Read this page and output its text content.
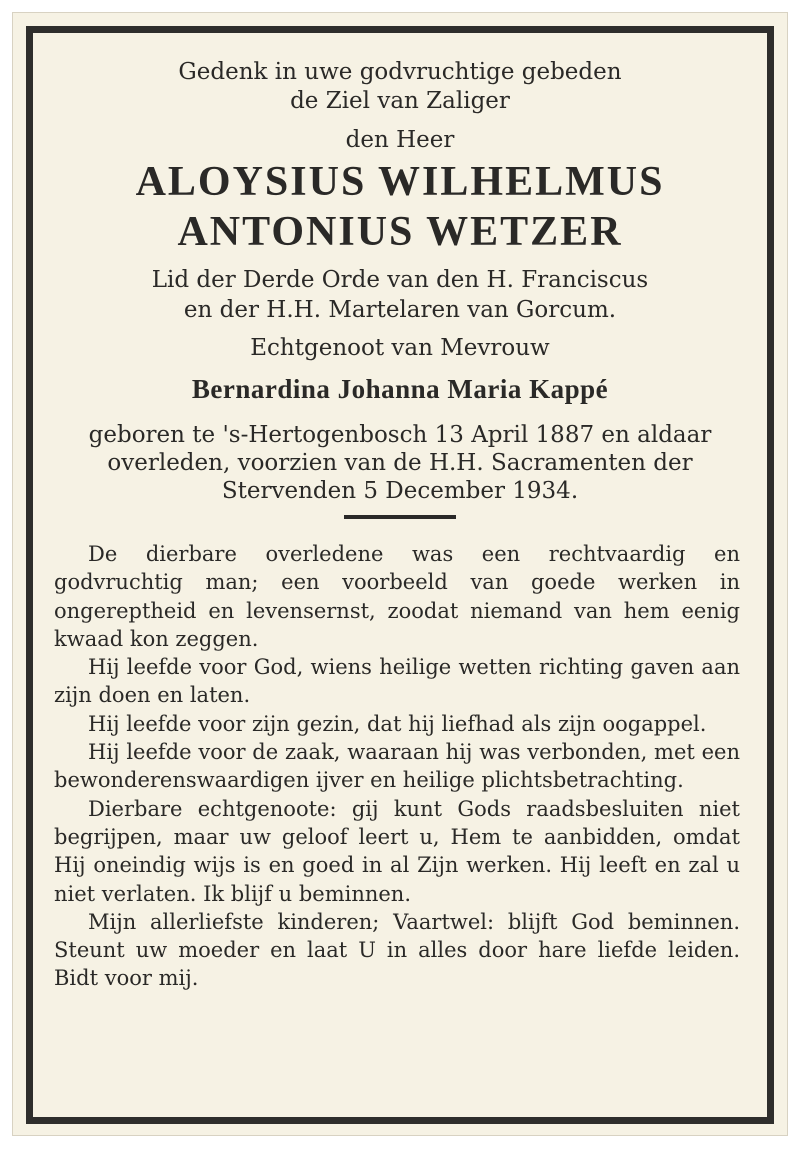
Gedenk in uwe godvruchtige gebeden
de Ziel van Zaliger
den Heer
ALOYSIUS WILHELMUS
ANTONIUS WETZER
Lid der Derde Orde van den H. Franciscus
en der H.H. Martelaren van Gorcum.
Echtgenoot van Mevrouw
Bernardina Johanna Maria Kappé
geboren te 's-Hertogenbosch 13 April 1887 en aldaar
overleden, voorzien van de H.H. Sacramenten der
Stervenden 5 December 1934.

De dierbare overledene was een rechtvaardig en godvruchtig man; een voorbeeld van goede werken in ongereptheid en levensernst, zoodat niemand van hem eenig kwaad kon zeggen.

Hij leefde voor God, wiens heilige wetten richting gaven aan zijn doen en laten.

Hij leefde voor zijn gezin, dat hij liefhad als zijn oogappel.

Hij leefde voor de zaak, waaraan hij was verbonden, met een bewonderenswaardigen ijver en heilige plichtsbetrachting.

Dierbare echtgenoote: gij kunt Gods raadsbesluiten niet begrijpen, maar uw geloof leert u, Hem te aanbidden, omdat Hij oneindig wijs is en goed in al Zijn werken. Hij leeft en zal u niet verlaten. Ik blijf u beminnen.

Mijn allerliefste kinderen; Vaartwel: blijft God beminnen. Steunt uw moeder en laat U in alles door hare liefde leiden. Bidt voor mij.
